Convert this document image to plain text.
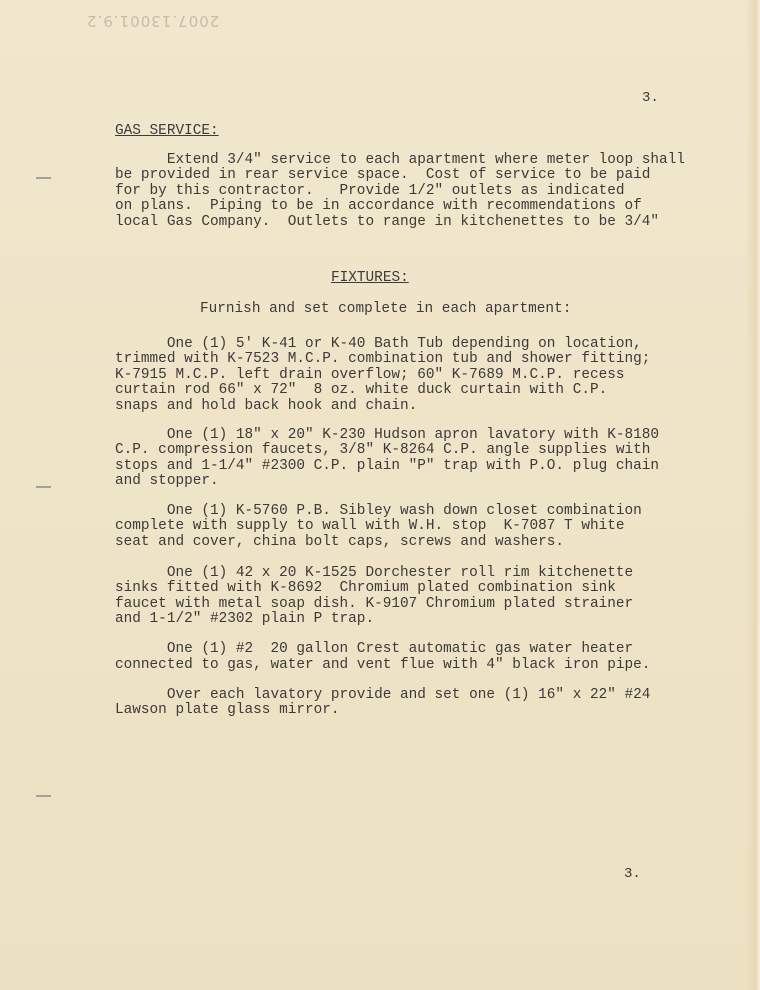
2007.13001.9.2
3.
GAS SERVICE:
Extend 3/4" service to each apartment where meter loop shall
be provided in rear service space.  Cost of service to be paid
for by this contractor.   Provide 1/2" outlets as indicated
on plans.  Piping to be in accordance with recommendations of
local Gas Company.  Outlets to range in kitchenettes to be 3/4"
FIXTURES:
Furnish and set complete in each apartment:
One (1) 5' K-41 or K-40 Bath Tub depending on location,
trimmed with K-7523 M.C.P. combination tub and shower fitting;
K-7915 M.C.P. left drain overflow; 60" K-7689 M.C.P. recess
curtain rod 66" x 72"  8 oz. white duck curtain with C.P.
snaps and hold back hook and chain.
One (1) 18" x 20" K-230 Hudson apron lavatory with K-8180
C.P. compression faucets, 3/8" K-8264 C.P. angle supplies with
stops and 1-1/4" #2300 C.P. plain "P" trap with P.O. plug chain
and stopper.
One (1) K-5760 P.B. Sibley wash down closet combination
complete with supply to wall with W.H. stop  K-7087 T white
seat and cover, china bolt caps, screws and washers.
One (1) 42 x 20 K-1525 Dorchester roll rim kitchenette
sinks fitted with K-8692  Chromium plated combination sink
faucet with metal soap dish. K-9107 Chromium plated strainer
and 1-1/2" #2302 plain P trap.
One (1) #2  20 gallon Crest automatic gas water heater
connected to gas, water and vent flue with 4" black iron pipe.
Over each lavatory provide and set one (1) 16" x 22" #24
Lawson plate glass mirror.
3.
